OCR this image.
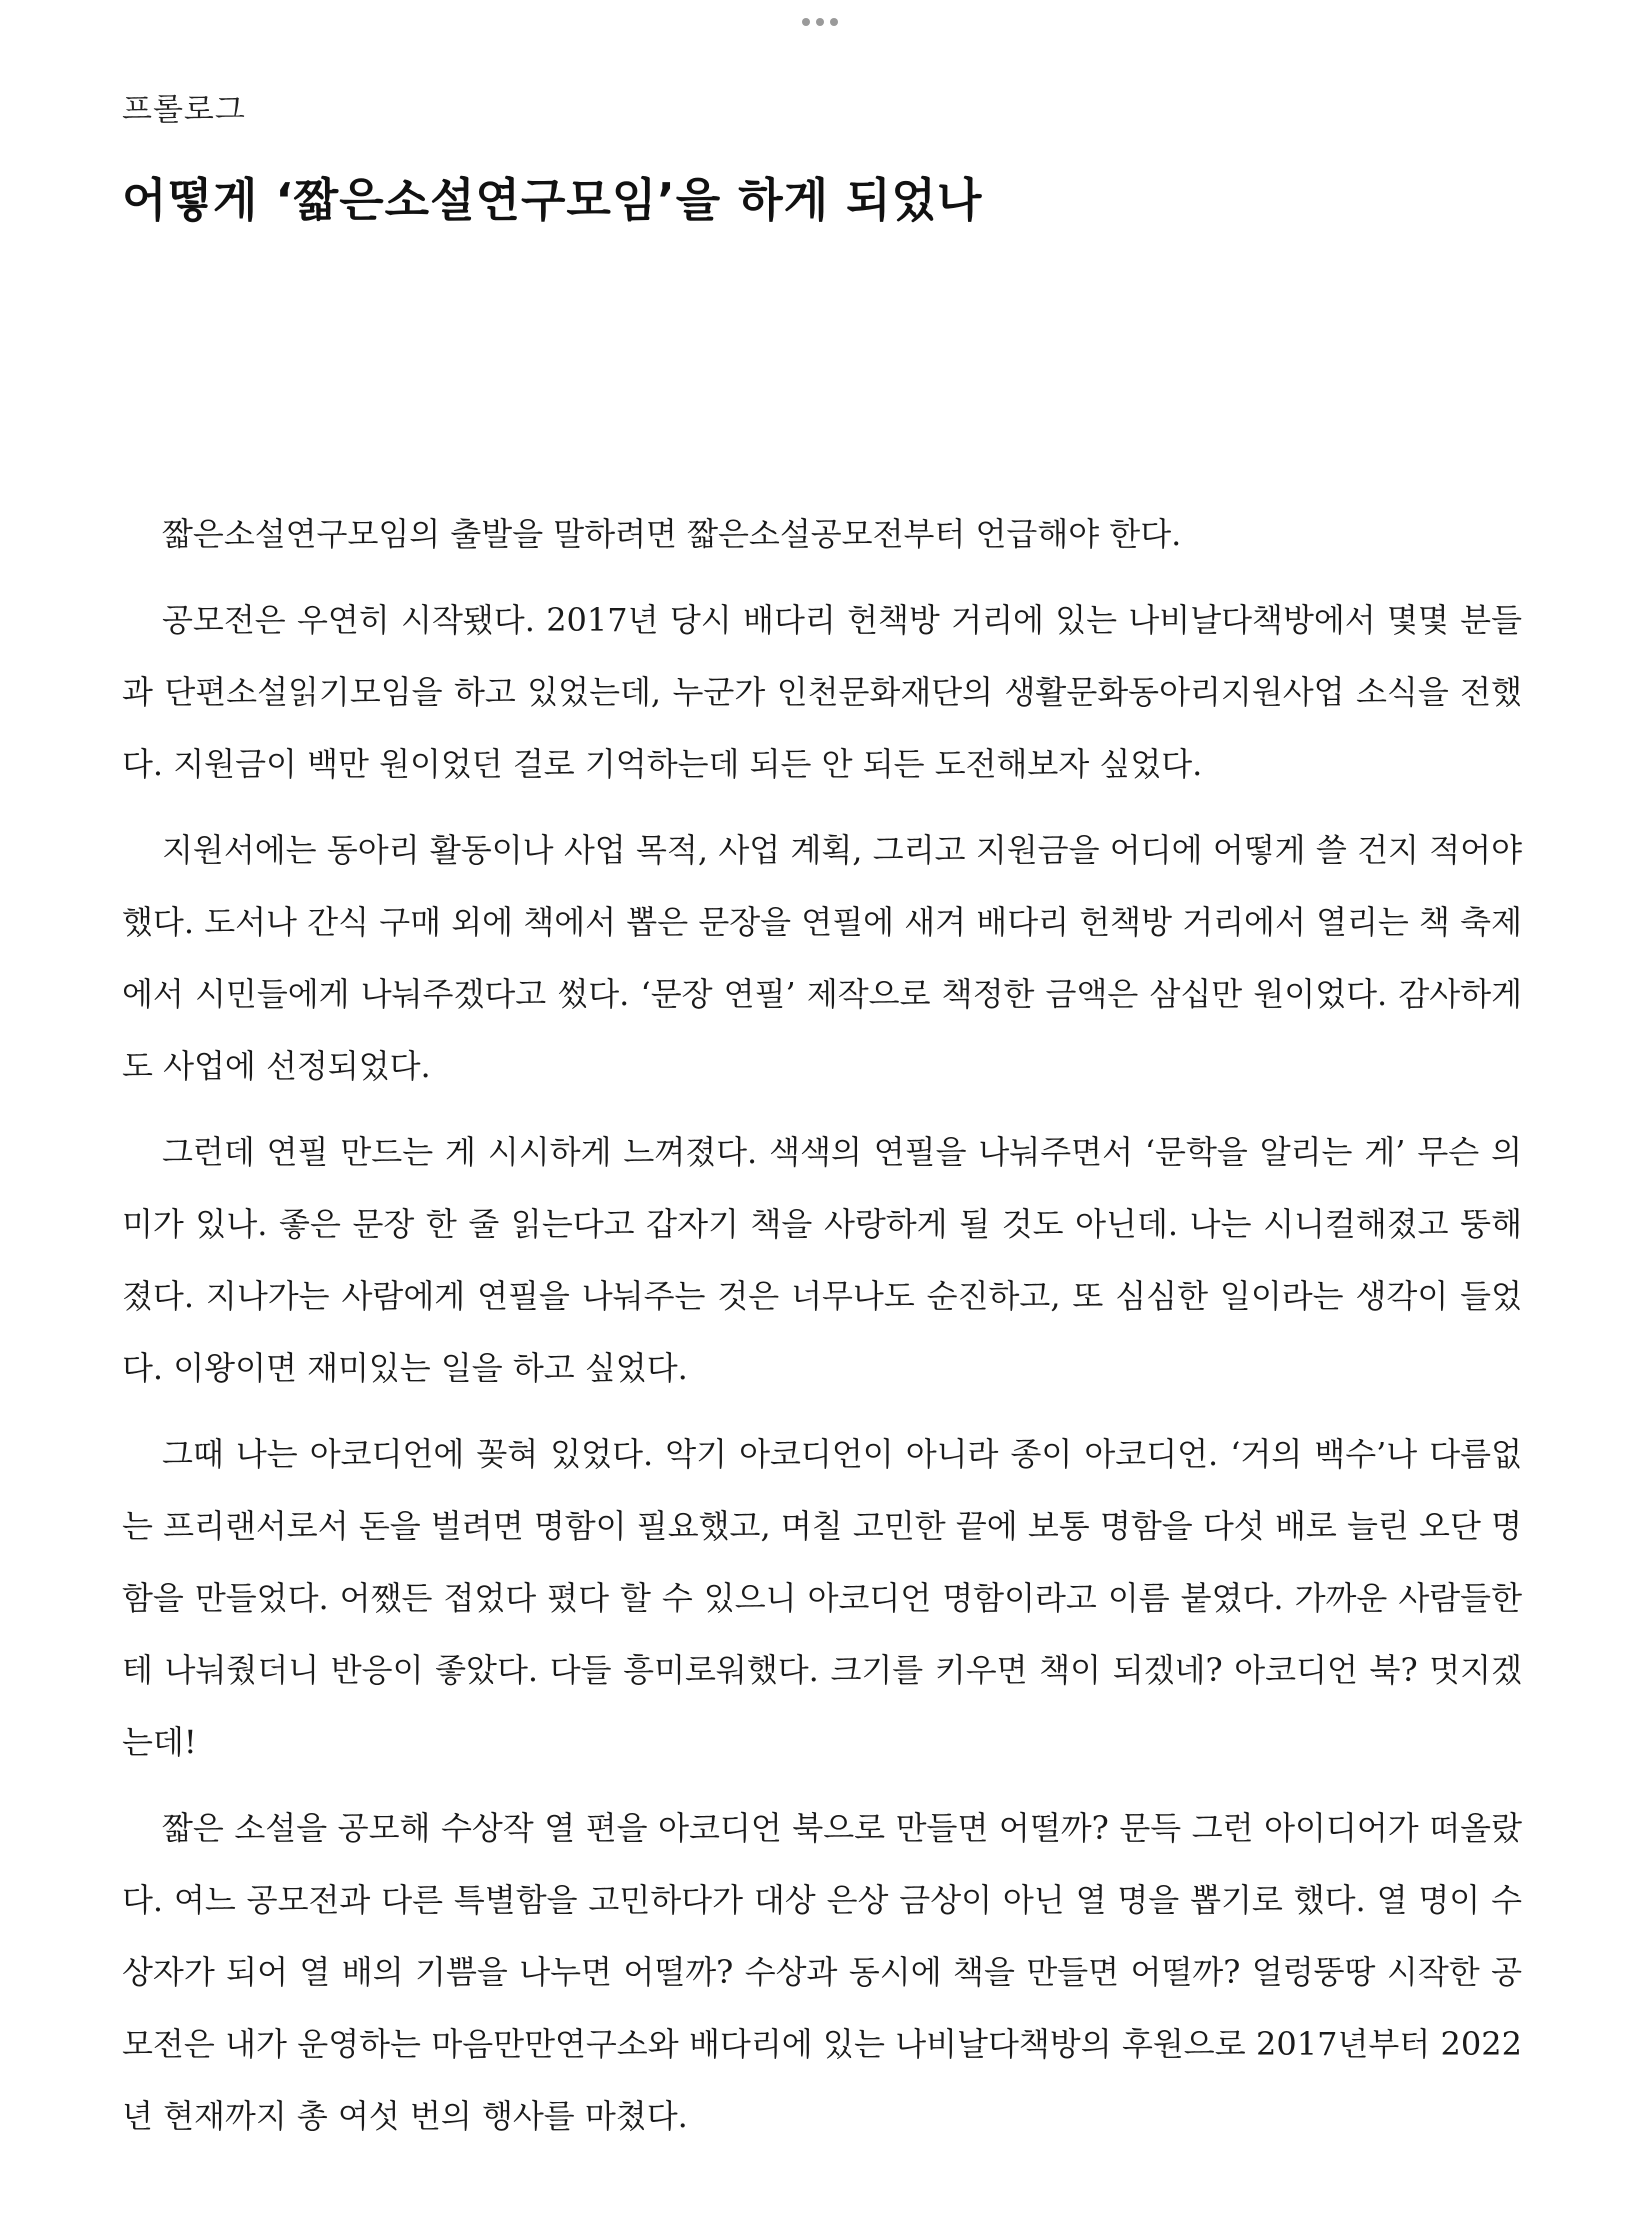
프롤로그
어떻게 ‘짧은소설연구모임’을 하게 되었나

짧은소설연구모임의 출발을 말하려면 짧은소설공모전부터 언급해야 한다.

공모전은 우연히 시작됐다. 2017년 당시 배다리 헌책방 거리에 있는 나비날다책방에서 몇몇 분들과 단편소설읽기모임을 하고 있었는데, 누군가 인천문화재단의 생활문화동아리지원사업 소식을 전했다. 지원금이 백만 원이었던 걸로 기억하는데 되든 안 되든 도전해보자 싶었다.

지원서에는 동아리 활동이나 사업 목적, 사업 계획, 그리고 지원금을 어디에 어떻게 쓸 건지 적어야 했다. 도서나 간식 구매 외에 책에서 뽑은 문장을 연필에 새겨 배다리 헌책방 거리에서 열리는 책 축제에서 시민들에게 나눠주겠다고 썼다. ‘문장 연필’ 제작으로 책정한 금액은 삼십만 원이었다. 감사하게도 사업에 선정되었다.

그런데 연필 만드는 게 시시하게 느껴졌다. 색색의 연필을 나눠주면서 ‘문학을 알리는 게’ 무슨 의미가 있나. 좋은 문장 한 줄 읽는다고 갑자기 책을 사랑하게 될 것도 아닌데. 나는 시니컬해졌고 뚱해졌다. 지나가는 사람에게 연필을 나눠주는 것은 너무나도 순진하고, 또 심심한 일이라는 생각이 들었다. 이왕이면 재미있는 일을 하고 싶었다.

그때 나는 아코디언에 꽂혀 있었다. 악기 아코디언이 아니라 종이 아코디언. ‘거의 백수’나 다름없는 프리랜서로서 돈을 벌려면 명함이 필요했고, 며칠 고민한 끝에 보통 명함을 다섯 배로 늘린 오단 명함을 만들었다. 어쨌든 접었다 폈다 할 수 있으니 아코디언 명함이라고 이름 붙였다. 가까운 사람들한테 나눠줬더니 반응이 좋았다. 다들 흥미로워했다. 크기를 키우면 책이 되겠네? 아코디언 북? 멋지겠는데!

짧은 소설을 공모해 수상작 열 편을 아코디언 북으로 만들면 어떨까? 문득 그런 아이디어가 떠올랐다. 여느 공모전과 다른 특별함을 고민하다가 대상 은상 금상이 아닌 열 명을 뽑기로 했다. 열 명이 수상자가 되어 열 배의 기쁨을 나누면 어떨까? 수상과 동시에 책을 만들면 어떨까? 얼렁뚱땅 시작한 공모전은 내가 운영하는 마음만만연구소와 배다리에 있는 나비날다책방의 후원으로 2017년부터 2022년 현재까지 총 여섯 번의 행사를 마쳤다.
